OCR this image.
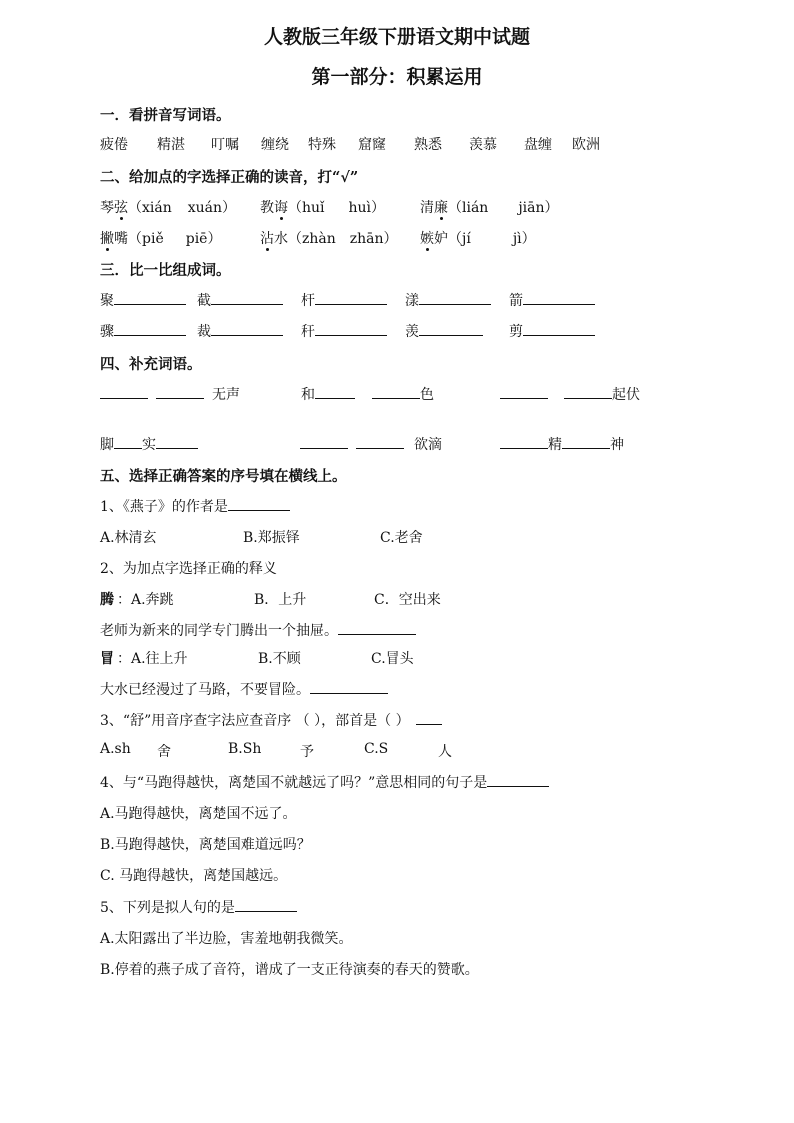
人教版三年级下册语文期中试题
第一部分：积累运用
一．看拼音写词语。
疲倦 精湛 叮嘱 缠绕 特殊 窟窿 熟悉 羡慕 盘缠 欧洲
二、给加点的字选择正确的读音，打“√”
琴弦（xián xuán） 教诲（huǐ huì） 清廉（lián jiān）
撇嘴（piě piē）	沾水（zhàn zhān） 嫉妒（jí	jì）
三．比一比组成词。
聚	截	杆	漾	箭
骤	裁	秆	羡	剪
四、补充词语。
无声	和	色	起伏
脚 实	欲滴	精	神
五、选择正确答案的序号填在横线上。
1、《燕子》的作者是
A.林清玄	B.郑振铎	C.老舍
2、为加点字选择正确的释义
腾 ：A.奔跳	B．上升	C．空出来
老师为新来的同学专门腾出一个抽屉。
冒 ：A.往上升	B.不顾	C.冒头
大水已经漫过了马路，不要冒险。
3、“舒”用音序查字法应查音序 （ ），部首是（ ）
A.sh 舍	B.Sh	予	C.S	人
4、与“马跑得越快，离楚国不就越远了吗？”意思相同的句子是
A.马跑得越快，离楚国不远了。
B.马跑得越快，离楚国难道远吗？
C. 马跑得越快，离楚国越远。
5、下列是拟人句的是
A.太阳露出了半边脸，害羞地朝我微笑。
B.停着的燕子成了音符，谱成了一支正待演奏的春天的赞歌。
